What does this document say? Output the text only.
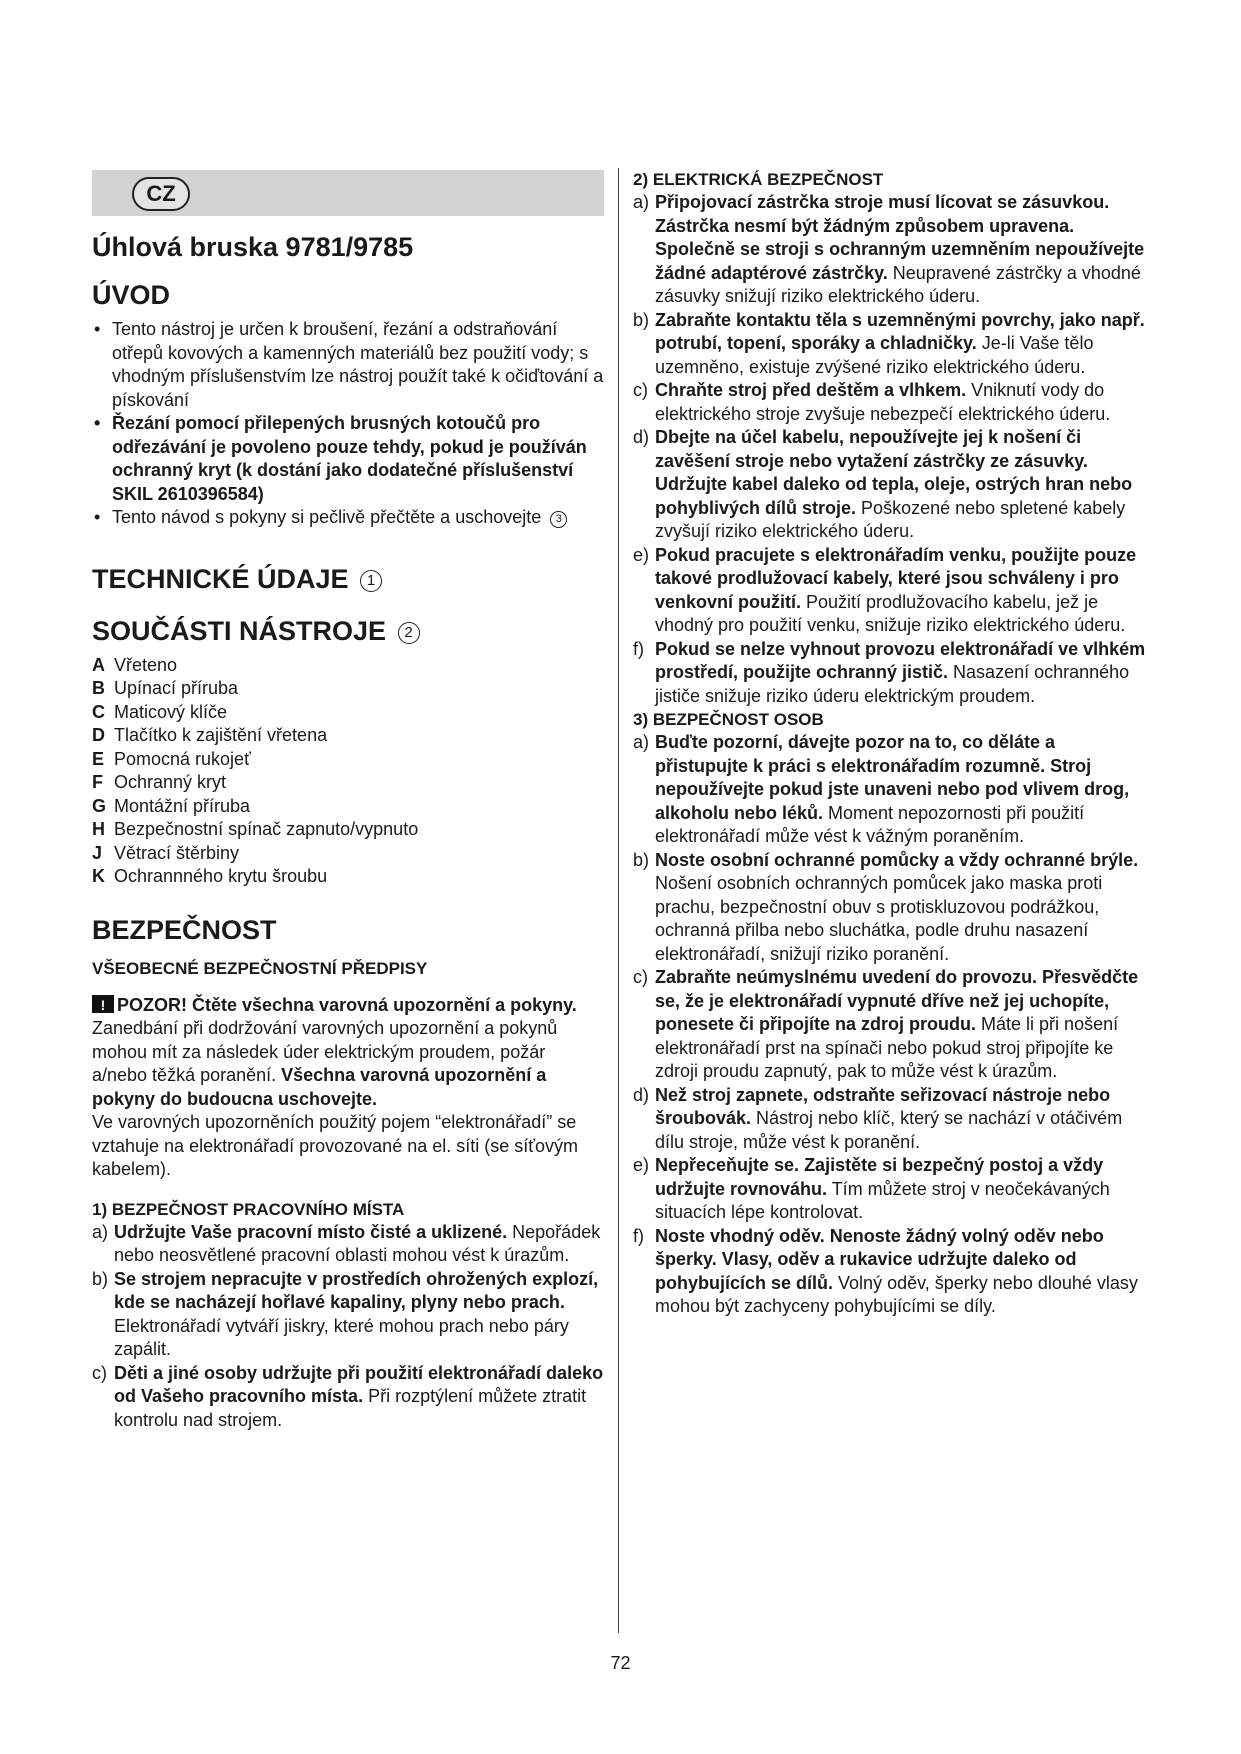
CZ
Úhlová bruska 9781/9785
ÚVOD
• Tento nástroj je určen k broušení, řezání a odstraňování otřepů kovových a kamenných materiálů bez použití vody; s vhodným příslušenstvím lze nástroj použít také k očiďtování a pískování
• Řezání pomocí přilepených brusných kotoučů pro odřezávání je povoleno pouze tehdy, pokud je používán ochranný kryt (k dostání jako dodatečné příslušenství SKIL 2610396584)
• Tento návod s pokyny si pečlivě přečtěte a uschovejte 3
TECHNICKÉ ÚDAJE 1
SOUČÁSTI NÁSTROJE 2
A Vřeteno
B Upínací příruba
C Maticový klíče
D Tlačítko k zajištění vřetena
E Pomocná rukojeť
F Ochranný kryt
G Montážní příruba
H Bezpečnostní spínač zapnuto/vypnuto
J Větrací štěrbiny
K Ochrannného krytu šroubu
BEZPEČNOST
VŠEOBECNÉ BEZPEČNOSTNÍ PŘEDPISY

!POZOR! Čtěte všechna varovná upozornění a pokyny. Zanedbání při dodržování varovných upozornění a pokynů mohou mít za následek úder elektrickým proudem, požár a/nebo těžká poranění. Všechna varovná upozornění a pokyny do budoucna uschovejte.

Ve varovných upozorněních použitý pojem “elektronářadí” se vztahuje na elektronářadí provozované na el. síti (se síťovým kabelem).

1) BEZPEČNOST PRACOVNÍHO MÍSTA
a) Udržujte Vaše pracovní místo čisté a uklizené. Nepořádek nebo neosvětlené pracovní oblasti mohou vést k úrazům.
b) Se strojem nepracujte v prostředích ohrožených explozí, kde se nacházejí hořlavé kapaliny, plyny nebo prach. Elektronářadí vytváří jiskry, které mohou prach nebo páry zapálit.
c) Děti a jiné osoby udržujte při použití elektronářadí daleko od Vašeho pracovního místa. Při rozptýlení můžete ztratit kontrolu nad strojem.
2) ELEKTRICKÁ BEZPEČNOST
a) Připojovací zástrčka stroje musí lícovat se zásuvkou. Zástrčka nesmí být žádným způsobem upravena. Společně se stroji s ochranným uzemněním nepoužívejte žádné adaptérové zástrčky. Neupravené zástrčky a vhodné zásuvky snižují riziko elektrického úderu.
b) Zabraňte kontaktu těla s uzemněnými povrchy, jako např. potrubí, topení, sporáky a chladničky. Je-li Vaše tělo uzemněno, existuje zvýšené riziko elektrického úderu.
c) Chraňte stroj před deštěm a vlhkem. Vniknutí vody do elektrického stroje zvyšuje nebezpečí elektrického úderu.
d) Dbejte na účel kabelu, nepoužívejte jej k nošení či zavěšení stroje nebo vytažení zástrčky ze zásuvky. Udržujte kabel daleko od tepla, oleje, ostrých hran nebo pohyblivých dílů stroje. Poškozené nebo spletené kabely zvyšují riziko elektrického úderu.
e) Pokud pracujete s elektronářadím venku, použijte pouze takové prodlužovací kabely, které jsou schváleny i pro venkovní použití. Použití prodlužovacího kabelu, jež je vhodný pro použití venku, snižuje riziko elektrického úderu.
f) Pokud se nelze vyhnout provozu elektronářadí ve vlhkém prostředí, použijte ochranný jistič. Nasazení ochranného jističe snižuje riziko úderu elektrickým proudem.
3) BEZPEČNOST OSOB
a) Buďte pozorní, dávejte pozor na to, co děláte a přistupujte k práci s elektronářadím rozumně. Stroj nepoužívejte pokud jste unaveni nebo pod vlivem drog, alkoholu nebo léků. Moment nepozornosti při použití elektronářadí může vést k vážným poraněním.
b) Noste osobní ochranné pomůcky a vždy ochranné brýle. Nošení osobních ochranných pomůcek jako maska proti prachu, bezpečnostní obuv s protiskluzovou podrážkou, ochranná přilba nebo sluchátka, podle druhu nasazení elektronářadí, snižují riziko poranění.
c) Zabraňte neúmyslnému uvedení do provozu. Přesvědčte se, že je elektronářadí vypnuté dříve než jej uchopíte, ponesete či připojíte na zdroj proudu. Máte li při nošení elektronářadí prst na spínači nebo pokud stroj připojíte ke zdroji proudu zapnutý, pak to může vést k úrazům.
d) Než stroj zapnete, odstraňte seřizovací nástroje nebo šroubovák. Nástroj nebo klíč, který se nachází v otáčivém dílu stroje, může vést k poranění.
e) Nepřeceňujte se. Zajistěte si bezpečný postoj a vždy udržujte rovnováhu. Tím můžete stroj v neočekávaných situacích lépe kontrolovat.
f) Noste vhodný oděv. Nenoste žádný volný oděv nebo šperky. Vlasy, oděv a rukavice udržujte daleko od pohybujících se dílů. Volný oděv, šperky nebo dlouhé vlasy mohou být zachyceny pohybujícími se díly.
72
